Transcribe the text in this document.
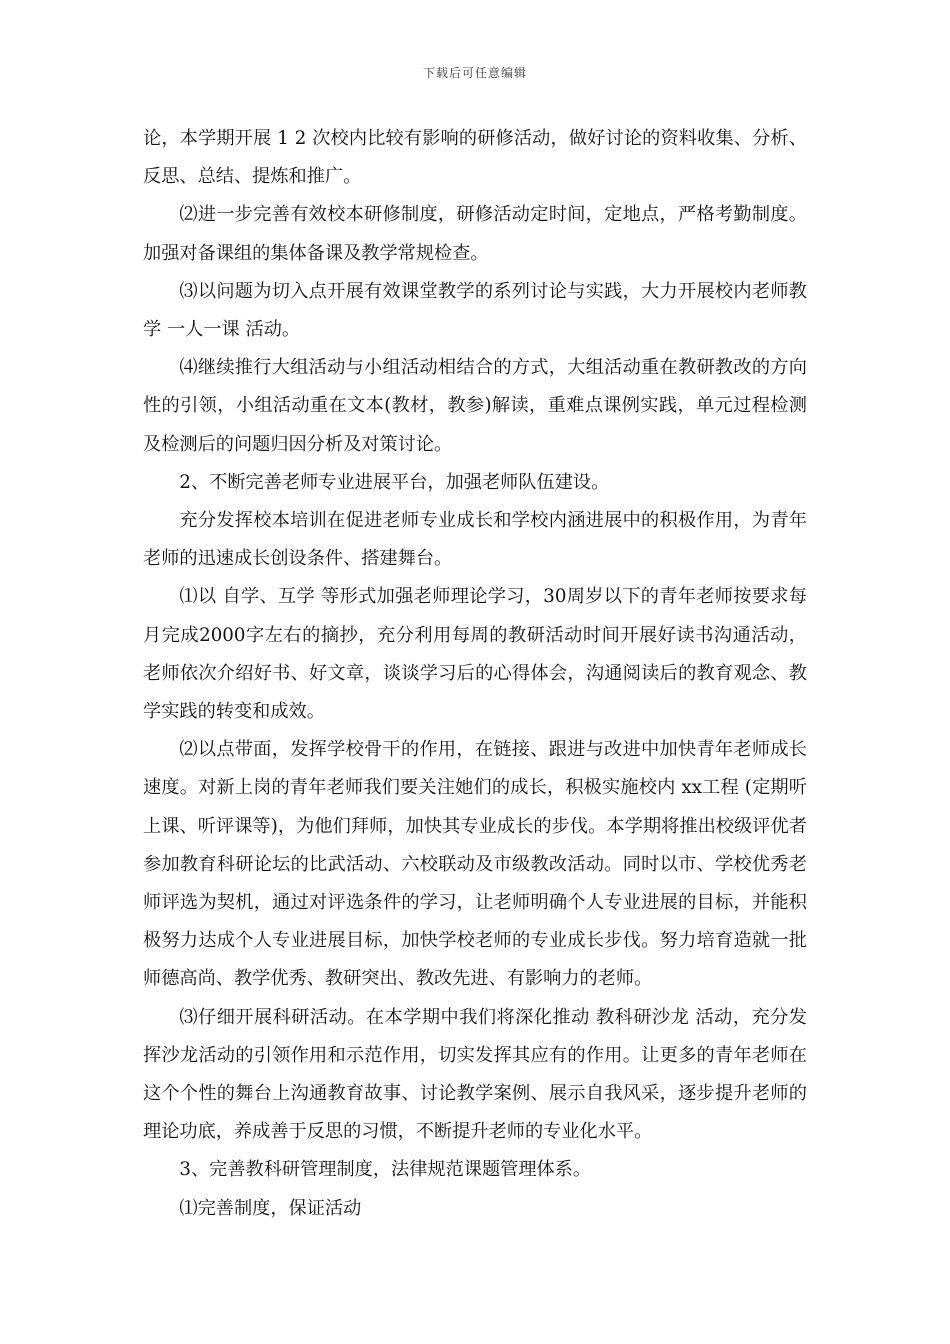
下载后可任意编辑

论，本学期开展 1 2 次校内比较有影响的研修活动，做好讨论的资料收集、分析、反思、总结、提炼和推广。

⑵进一步完善有效校本研修制度，研修活动定时间，定地点，严格考勤制度。加强对备课组的集体备课及教学常规检查。

⑶以问题为切入点开展有效课堂教学的系列讨论与实践，大力开展校内老师教学 一人一课 活动。

⑷继续推行大组活动与小组活动相结合的方式，大组活动重在教研教改的方向性的引领，小组活动重在文本(教材，教参)解读，重难点课例实践，单元过程检测及检测后的问题归因分析及对策讨论。

2、不断完善老师专业进展平台，加强老师队伍建设。

充分发挥校本培训在促进老师专业成长和学校内涵进展中的积极作用，为青年老师的迅速成长创设条件、搭建舞台。

⑴以 自学、互学 等形式加强老师理论学习，30周岁以下的青年老师按要求每月完成2000字左右的摘抄，充分利用每周的教研活动时间开展好读书沟通活动，老师依次介绍好书、好文章，谈谈学习后的心得体会，沟通阅读后的教育观念、教学实践的转变和成效。

⑵以点带面，发挥学校骨干的作用，在链接、跟进与改进中加快青年老师成长速度。对新上岗的青年老师我们要关注她们的成长，积极实施校内 xx工程 (定期听上课、听评课等)，为他们拜师，加快其专业成长的步伐。本学期将推出校级评优者参加教育科研论坛的比武活动、六校联动及市级教改活动。同时以市、学校优秀老师评选为契机，通过对评选条件的学习，让老师明确个人专业进展的目标，并能积极努力达成个人专业进展目标，加快学校老师的专业成长步伐。努力培育造就一批师德高尚、教学优秀、教研突出、教改先进、有影响力的老师。

⑶仔细开展科研活动。在本学期中我们将深化推动 教科研沙龙 活动，充分发挥沙龙活动的引领作用和示范作用，切实发挥其应有的作用。让更多的青年老师在这个个性的舞台上沟通教育故事、讨论教学案例、展示自我风采，逐步提升老师的理论功底，养成善于反思的习惯，不断提升老师的专业化水平。

3、完善教科研管理制度，法律规范课题管理体系。

⑴完善制度，保证活动
